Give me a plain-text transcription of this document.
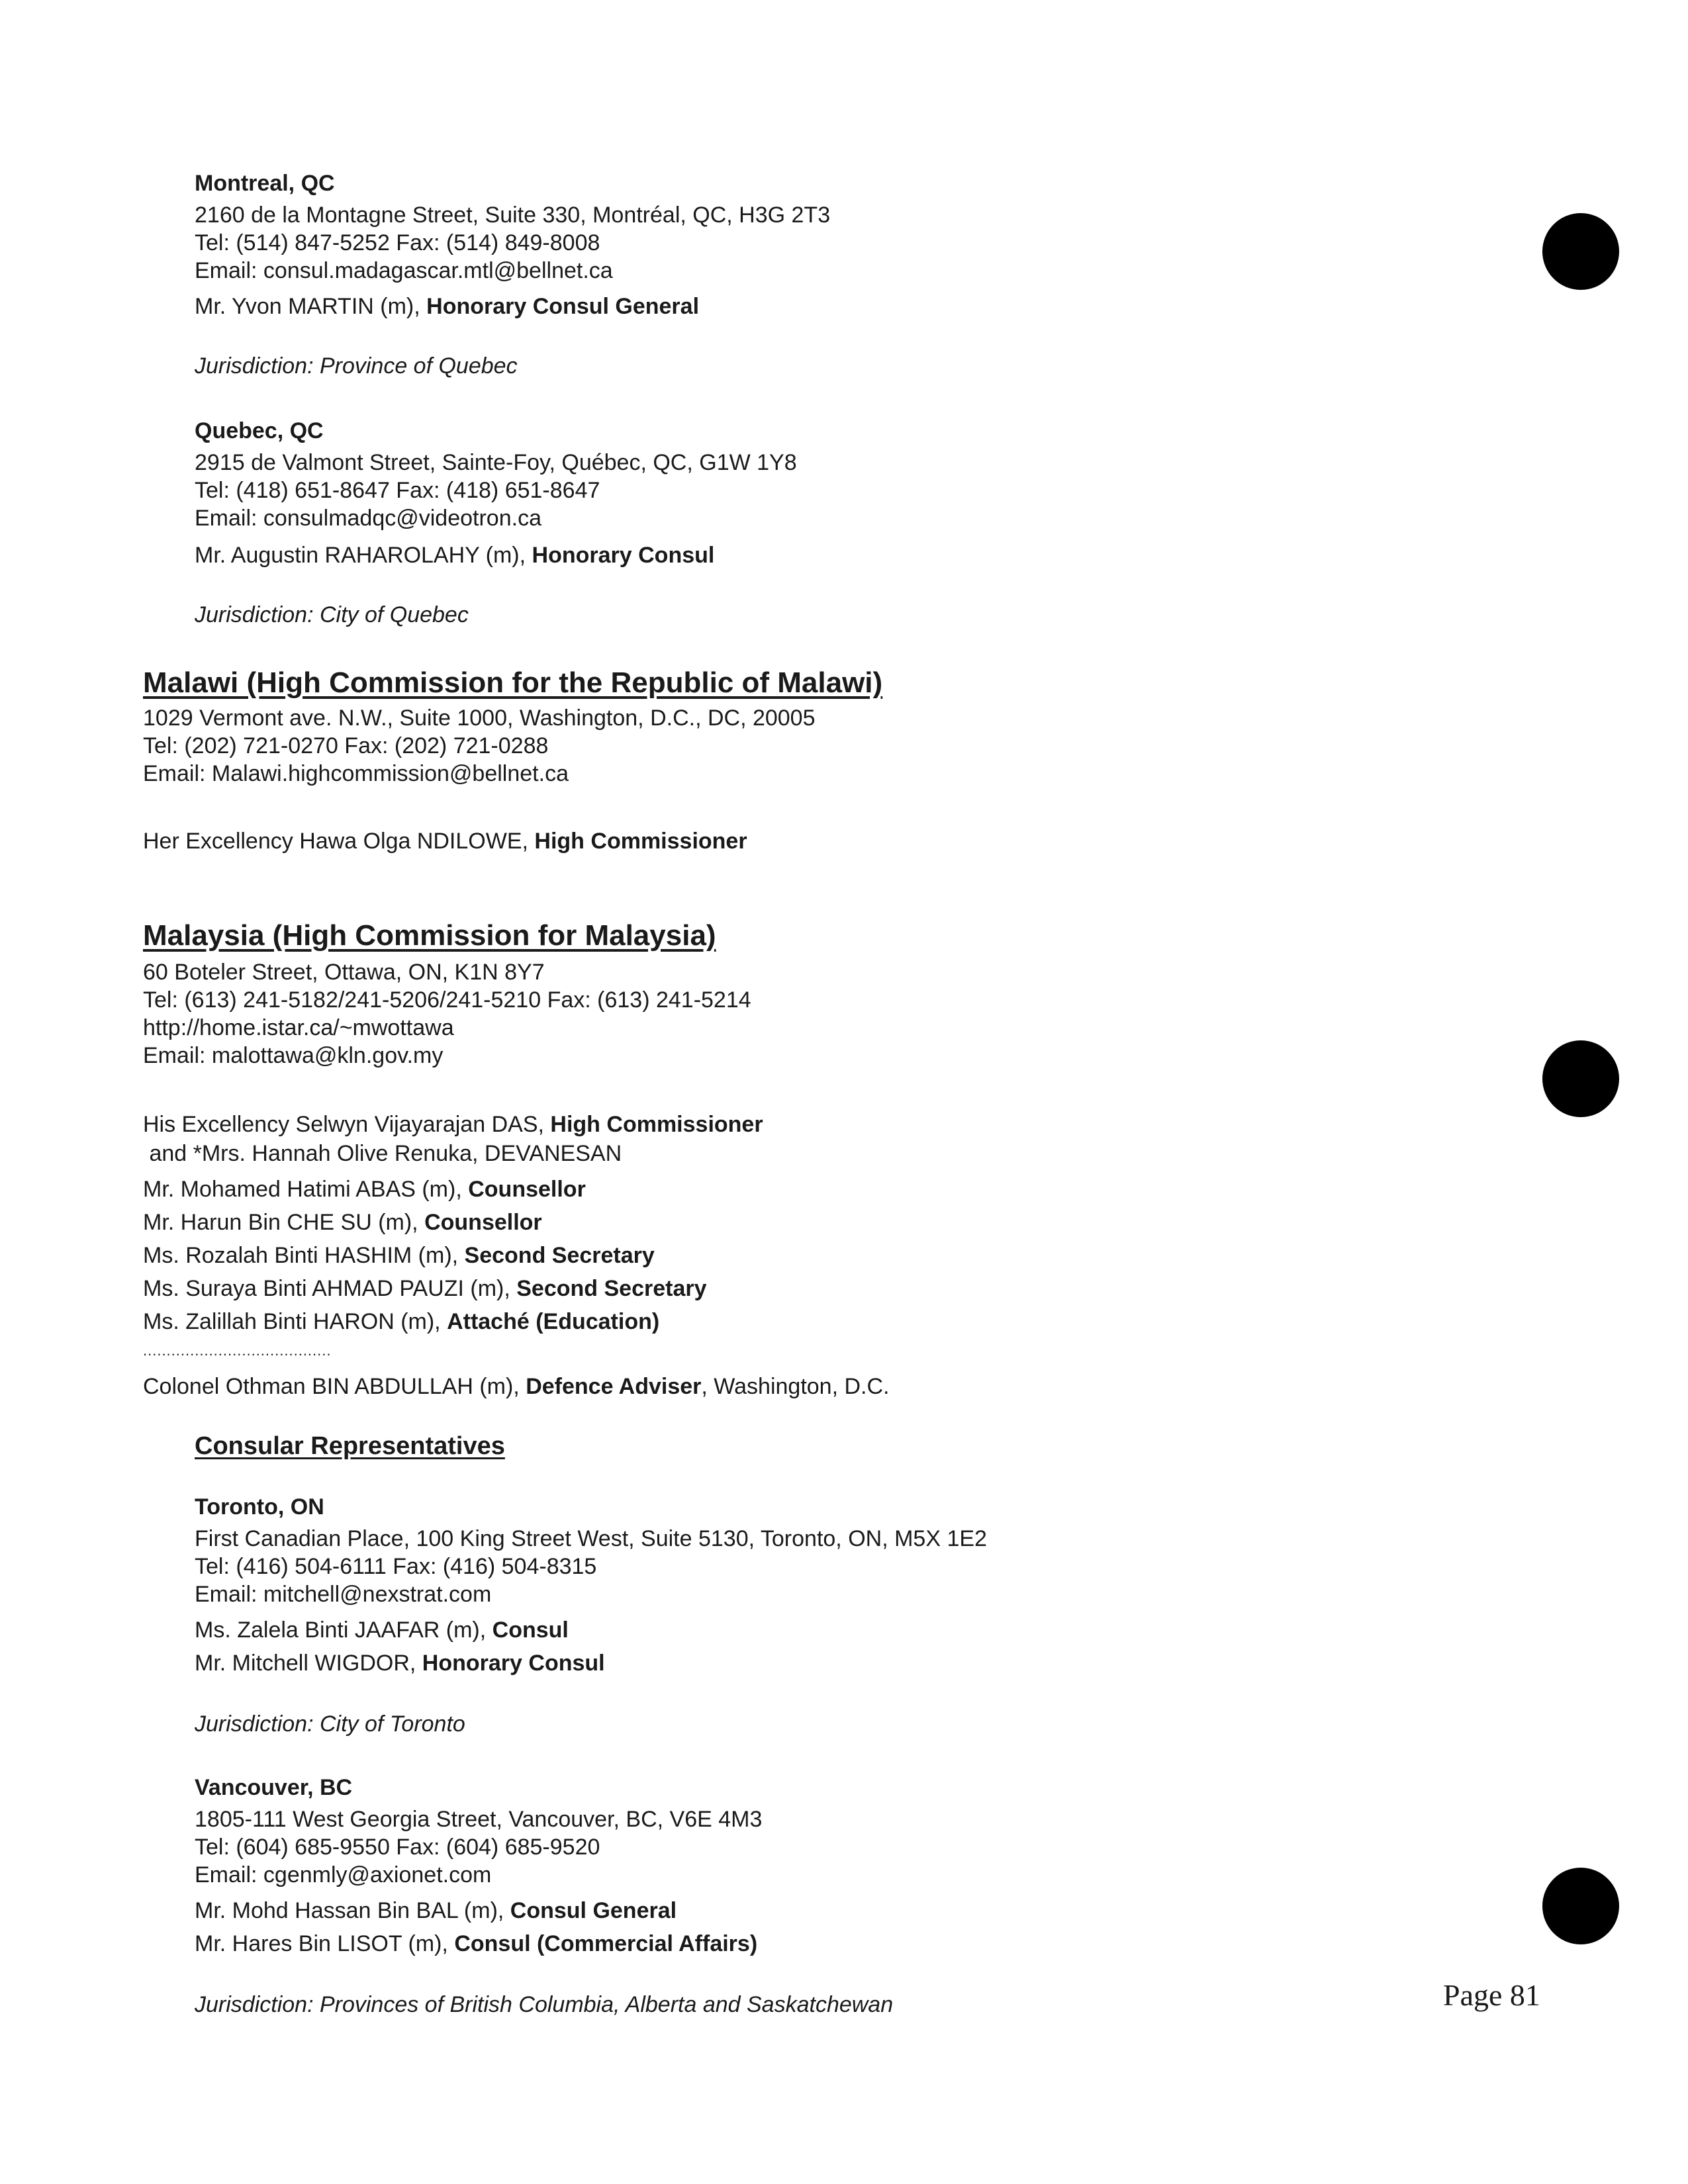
Montreal, QC
2160 de la Montagne Street, Suite 330, Montréal, QC, H3G 2T3
Tel: (514) 847-5252 Fax: (514) 849-8008
Email: consul.madagascar.mtl@bellnet.ca
Mr. Yvon MARTIN (m), Honorary Consul General
Jurisdiction: Province of Quebec
Quebec, QC
2915 de Valmont Street, Sainte-Foy, Québec, QC, G1W 1Y8
Tel: (418) 651-8647 Fax: (418) 651-8647
Email: consulmadqc@videotron.ca
Mr. Augustin RAHAROLAHY (m), Honorary Consul
Jurisdiction: City of Quebec
Malawi (High Commission for the Republic of Malawi)
1029 Vermont ave. N.W., Suite 1000, Washington, D.C., DC, 20005
Tel: (202) 721-0270 Fax: (202) 721-0288
Email: Malawi.highcommission@bellnet.ca
Her Excellency Hawa Olga NDILOWE, High Commissioner
Malaysia (High Commission for Malaysia)
60 Boteler Street, Ottawa, ON, K1N 8Y7
Tel: (613) 241-5182/241-5206/241-5210 Fax: (613) 241-5214
http://home.istar.ca/~mwottawa
Email: malottawa@kln.gov.my
His Excellency Selwyn Vijayarajan DAS, High Commissioner
and *Mrs. Hannah Olive Renuka, DEVANESAN
Mr. Mohamed Hatimi ABAS (m), Counsellor
Mr. Harun Bin CHE SU (m), Counsellor
Ms. Rozalah Binti HASHIM (m), Second Secretary
Ms. Suraya Binti AHMAD PAUZI (m), Second Secretary
Ms. Zalillah Binti HARON (m), Attaché (Education)
........................................
Colonel Othman BIN ABDULLAH (m), Defence Adviser, Washington, D.C.
Consular Representatives
Toronto, ON
First Canadian Place, 100 King Street West, Suite 5130, Toronto, ON, M5X 1E2
Tel: (416) 504-6111 Fax: (416) 504-8315
Email: mitchell@nexstrat.com
Ms. Zalela Binti JAAFAR (m), Consul
Mr. Mitchell WIGDOR, Honorary Consul
Jurisdiction: City of Toronto
Vancouver, BC
1805-111 West Georgia Street, Vancouver, BC, V6E 4M3
Tel: (604) 685-9550 Fax: (604) 685-9520
Email: cgenmly@axionet.com
Mr. Mohd Hassan Bin BAL (m), Consul General
Mr. Hares Bin LISOT (m), Consul (Commercial Affairs)
Jurisdiction: Provinces of British Columbia, Alberta and Saskatchewan	Page 81
